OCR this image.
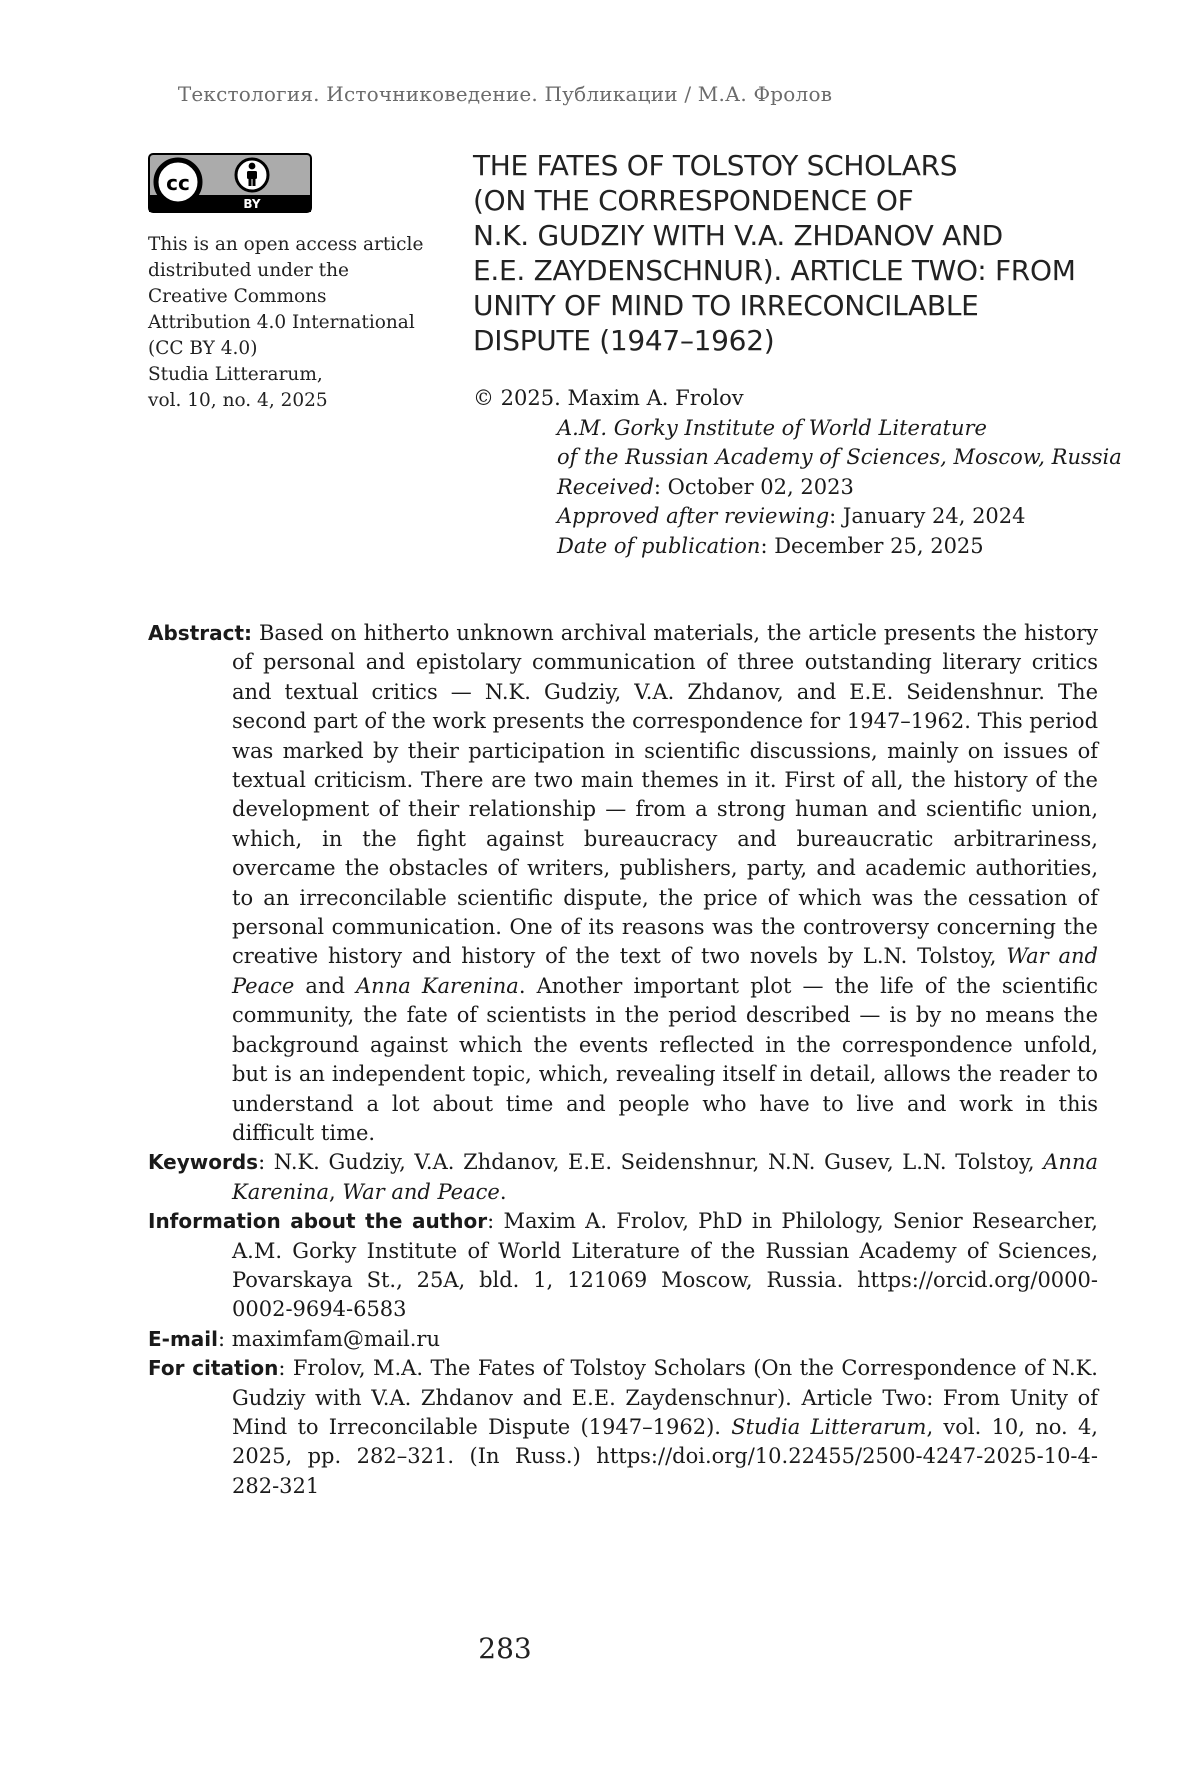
Текстология. Источниковедение. Публикации / М.А. Фролов
cc
BY
This is an open access article distributed under the Creative Commons Attribution 4.0 International (CC BY 4.0)
Studia Litterarum,
vol. 10, no. 4, 2025
THE FATES OF TOLSTOY SCHOLARS
(ON THE CORRESPONDENCE OF
N.K. GUDZIY WITH V.A. ZHDANOV AND
E.E. ZAYDENSCHNUR). ARTICLE TWO: FROM
UNITY OF MIND TO IRRECONCILABLE
DISPUTE (1947–1962)
© 2025. Maxim A. Frolov
A.M. Gorky Institute of World Literature
of the Russian Academy of Sciences, Moscow, Russia
Received: October 02, 2023
Approved after reviewing: January 24, 2024
Date of publication: December 25, 2025

Abstract: Based on hitherto unknown archival materials, the article presents the history of personal and epistolary communication of three outstanding literary critics and textual critics — N.K. Gudziy, V.A. Zhdanov, and E.E. Seidenshnur. The second part of the work presents the correspondence for 1947–1962. This period was marked by their participation in scientific discussions, mainly on issues of textual criticism. There are two main themes in it. First of all, the history of the development of their relationship — from a strong human and scientific union, which, in the fight against bureaucracy and bureaucratic arbitrariness, overcame the obstacles of writers, publishers, party, and academic authorities, to an irreconcilable scientific dispute, the price of which was the cessation of personal communication. One of its reasons was the controversy concerning the creative history and history of the text of two novels by L.N. Tolstoy, War and Peace and Anna Karenina. Another important plot — the life of the scientific community, the fate of scientists in the period described — is by no means the background against which the events reflected in the correspondence unfold, but is an independent topic, which, revealing itself in detail, allows the reader to understand a lot about time and people who have to live and work in this difficult time.

Keywords: N.K. Gudziy, V.A. Zhdanov, E.E. Seidenshnur, N.N. Gusev, L.N. Tolstoy, Anna Karenina, War and Peace.

Information about the author: Maxim A. Frolov, PhD in Philology, Senior Researcher, A.M. Gorky Institute of World Literature of the Russian Academy of Sciences, Povarskaya St., 25A, bld. 1, 121069 Moscow, Russia. https://orcid.org/0000-0002-9694-6583

E-mail: maximfam@mail.ru

For citation: Frolov, M.A. The Fates of Tolstoy Scholars (On the Correspondence of N.K. Gudziy with V.A. Zhdanov and E.E. Zaydenschnur). Article Two: From Unity of Mind to Irreconcilable Dispute (1947–1962). Studia Litterarum, vol. 10, no. 4, 2025, pp. 282–321. (In Russ.) https://doi.org/10.22455/2500-4247-2025-10-4-282-321

283
